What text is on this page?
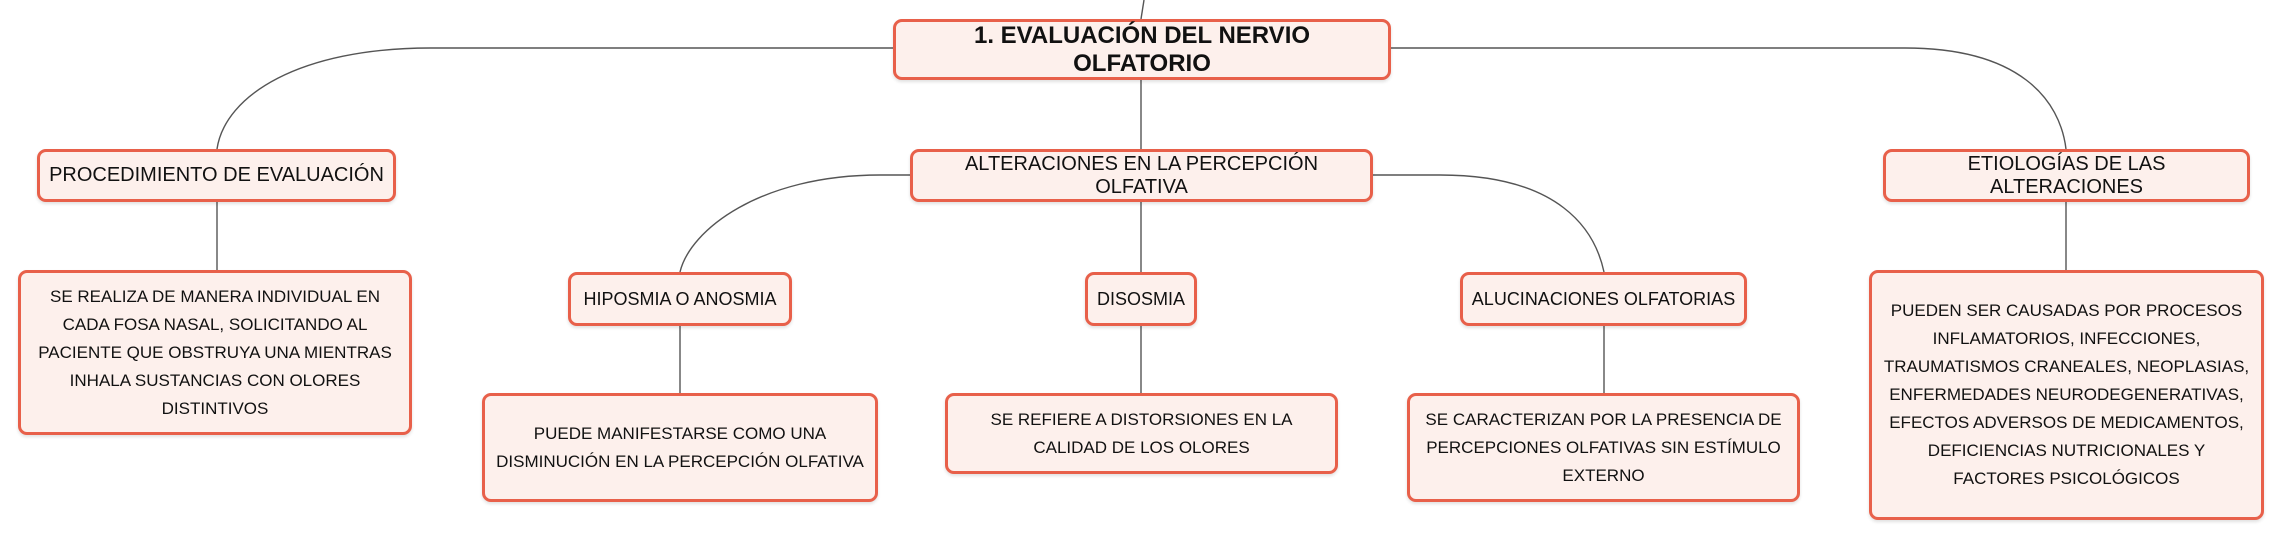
1. EVALUACIÓN DEL NERVIO OLFATORIO
PROCEDIMIENTO DE EVALUACIÓN
ALTERACIONES EN LA PERCEPCIÓN OLFATIVA
ETIOLOGÍAS DE LAS ALTERACIONES
SE REALIZA DE MANERA INDIVIDUAL EN CADA FOSA NASAL, SOLICITANDO AL PACIENTE QUE OBSTRUYA UNA MIENTRAS INHALA SUSTANCIAS CON OLORES DISTINTIVOS
HIPOSMIA O ANOSMIA	DISOSMIA	ALUCINACIONES OLFATORIAS
PUEDE MANIFESTARSE COMO UNA DISMINUCIÓN EN LA PERCEPCIÓN OLFATIVA
SE REFIERE A DISTORSIONES EN LA CALIDAD DE LOS OLORES
SE CARACTERIZAN POR LA PRESENCIA DE PERCEPCIONES OLFATIVAS SIN ESTÍMULO EXTERNO
PUEDEN SER CAUSADAS POR PROCESOS INFLAMATORIOS, INFECCIONES, TRAUMATISMOS CRANEALES, NEOPLASIAS, ENFERMEDADES NEURODEGENERATIVAS, EFECTOS ADVERSOS DE MEDICAMENTOS, DEFICIENCIAS NUTRICIONALES Y FACTORES PSICOLÓGICOS
